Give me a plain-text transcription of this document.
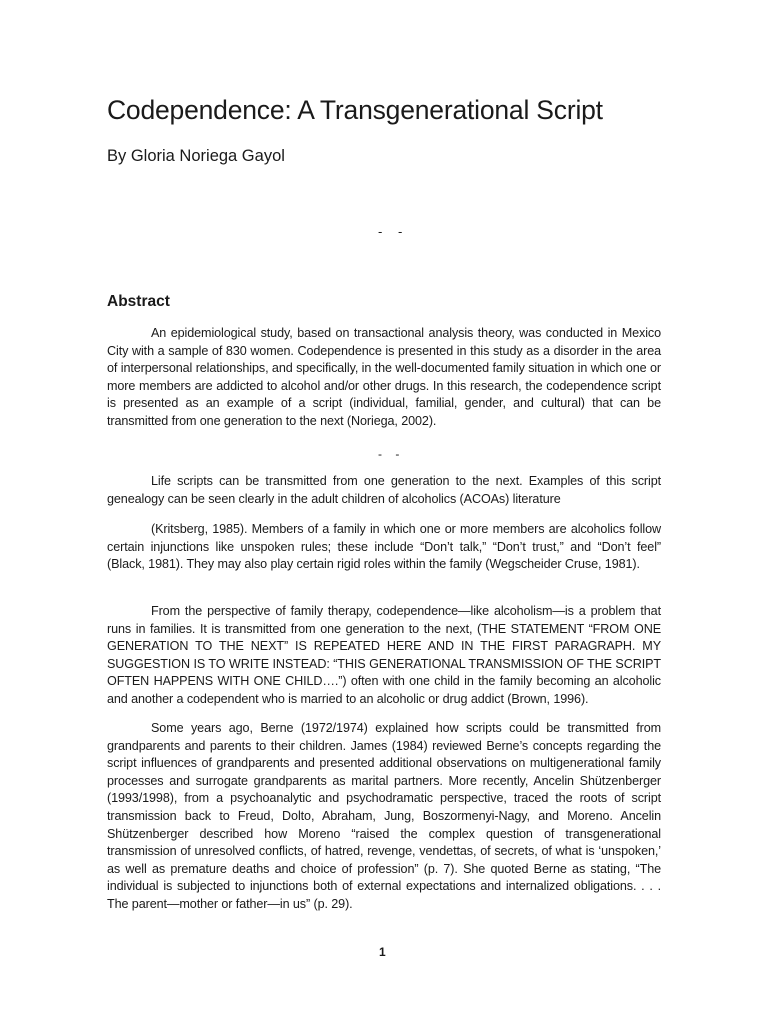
Codependence: A Transgenerational Script

By Gloria Noriega Gayol

- -
Abstract

An epidemiological study, based on transactional analysis theory, was conducted in Mexico City with a sample of 830 women. Codependence is presented in this study as a disorder in the area of interpersonal relationships, and specifically, in the well-documented family situation in which one or more members are addicted to alcohol and/or other drugs. In this research, the codependence script is presented as an example of a script (individual, familial, gender, and cultural) that can be transmitted from one generation to the next (Noriega, 2002).

- -

Life scripts can be transmitted from one generation to the next. Examples of this script genealogy can be seen clearly in the adult children of alcoholics (ACOAs) literature

(Kritsberg, 1985). Members of a family in which one or more members are alcoholics follow certain injunctions like unspoken rules; these include “Don’t talk,” “Don’t trust,” and “Don’t feel” (Black, 1981). They may also play certain rigid roles within the family (Wegscheider Cruse, 1981).

From the perspective of family therapy, codependence—like alcoholism—is a problem that runs in families. It is transmitted from one generation to the next, (THE STATEMENT “FROM ONE GENERATION TO THE NEXT” IS REPEATED HERE AND IN THE FIRST PARAGRAPH. MY SUGGESTION IS TO WRITE INSTEAD: “THIS GENERATIONAL TRANSMISSION OF THE SCRIPT OFTEN HAPPENS WITH ONE CHILD….”) often with one child in the family becoming an alcoholic and another a codependent who is married to an alcoholic or drug addict (Brown, 1996).

Some years ago, Berne (1972/1974) explained how scripts could be transmitted from grandparents and parents to their children. James (1984) reviewed Berne’s concepts regarding the script influences of grandparents and presented additional observations on multigenerational family processes and surrogate grandparents as marital partners. More recently, Ancelin Shützenberger (1993/1998), from a psychoanalytic and psychodramatic perspective, traced the roots of script transmission back to Freud, Dolto, Abraham, Jung, Boszormenyi-Nagy, and Moreno. Ancelin Shützenberger described how Moreno “raised the complex question of transgenerational transmission of unresolved conflicts, of hatred, revenge, vendettas, of secrets, of what is ‘unspoken,’ as well as premature deaths and choice of profession” (p. 7). She quoted Berne as stating, “The individual is subjected to injunctions both of external expectations and internalized obligations. . . . The parent—mother or father—in us” (p. 29).

1
